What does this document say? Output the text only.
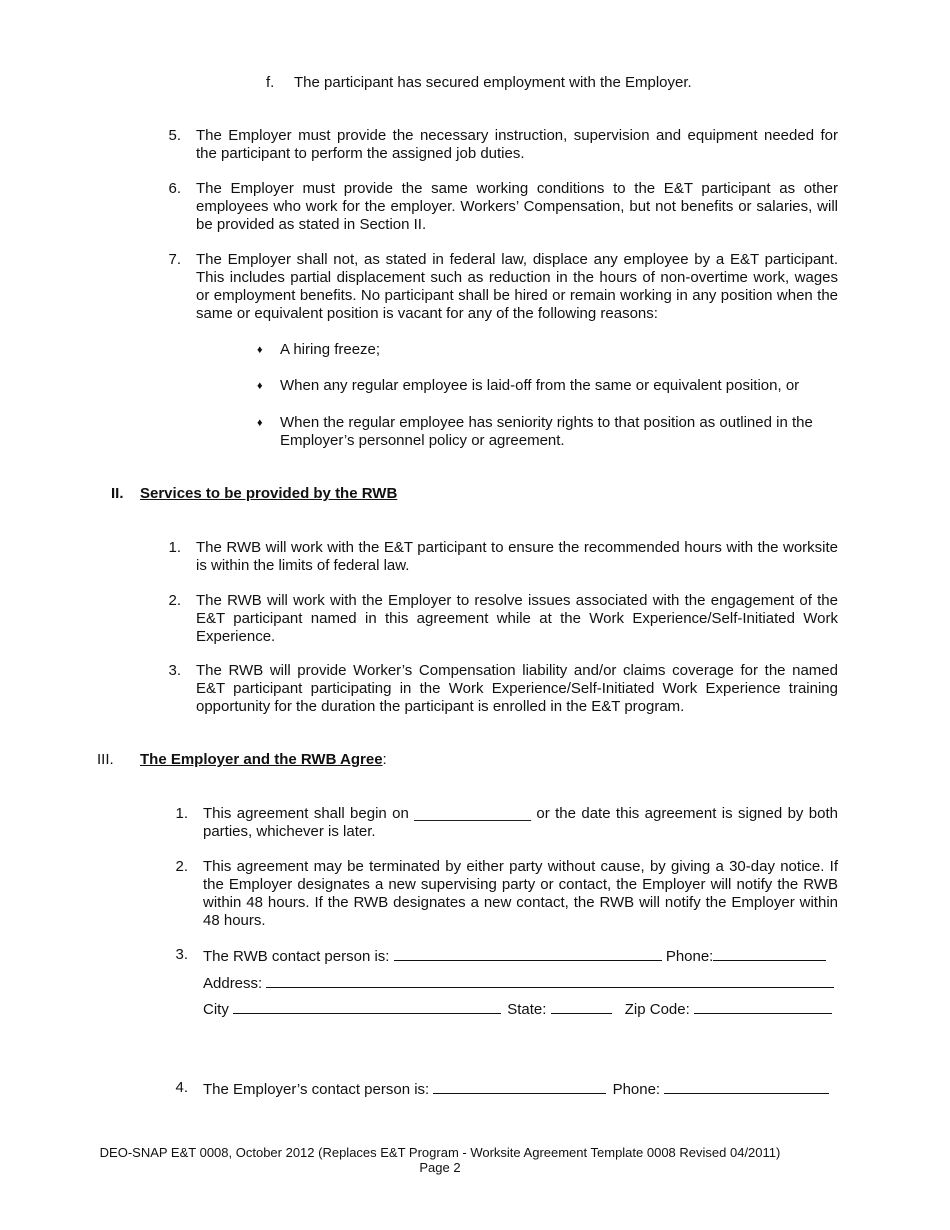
f. The participant has secured employment with the Employer.
5. The Employer must provide the necessary instruction, supervision and equipment needed for the participant to perform the assigned job duties.
6. The Employer must provide the same working conditions to the E&T participant as other employees who work for the employer. Workers’ Compensation, but not benefits or salaries, will be provided as stated in Section II.
7. The Employer shall not, as stated in federal law, displace any employee by a E&T participant. This includes partial displacement such as reduction in the hours of non-overtime work, wages or employment benefits. No participant shall be hired or remain working in any position when the same or equivalent position is vacant for any of the following reasons:
♦ A hiring freeze;
♦ When any regular employee is laid-off from the same or equivalent position, or
♦ When the regular employee has seniority rights to that position as outlined in the Employer’s personnel policy or agreement.
II. Services to be provided by the RWB
1. The RWB will work with the E&T participant to ensure the recommended hours with the worksite is within the limits of federal law.
2. The RWB will work with the Employer to resolve issues associated with the engagement of the E&T participant named in this agreement while at the Work Experience/Self-Initiated Work Experience.
3. The RWB will provide Worker’s Compensation liability and/or claims coverage for the named E&T participant participating in the Work Experience/Self-Initiated Work Experience training opportunity for the duration the participant is enrolled in the E&T program.
III. The Employer and the RWB Agree:
1. This agreement shall begin on ______________ or the date this agreement is signed by both parties, whichever is later.
2. This agreement may be terminated by either party without cause, by giving a 30-day notice. If the Employer designates a new supervising party or contact, the Employer will notify the RWB within 48 hours. If the RWB designates a new contact, the RWB will notify the Employer within 48 hours.
3. The RWB contact person is:	Phone:
Address:
City	State:	Zip Code:
4. The Employer’s contact person is:	Phone:
DEO-SNAP E&T 0008, October 2012 (Replaces E&T Program - Worksite Agreement Template 0008 Revised 04/2011)
Page 2
